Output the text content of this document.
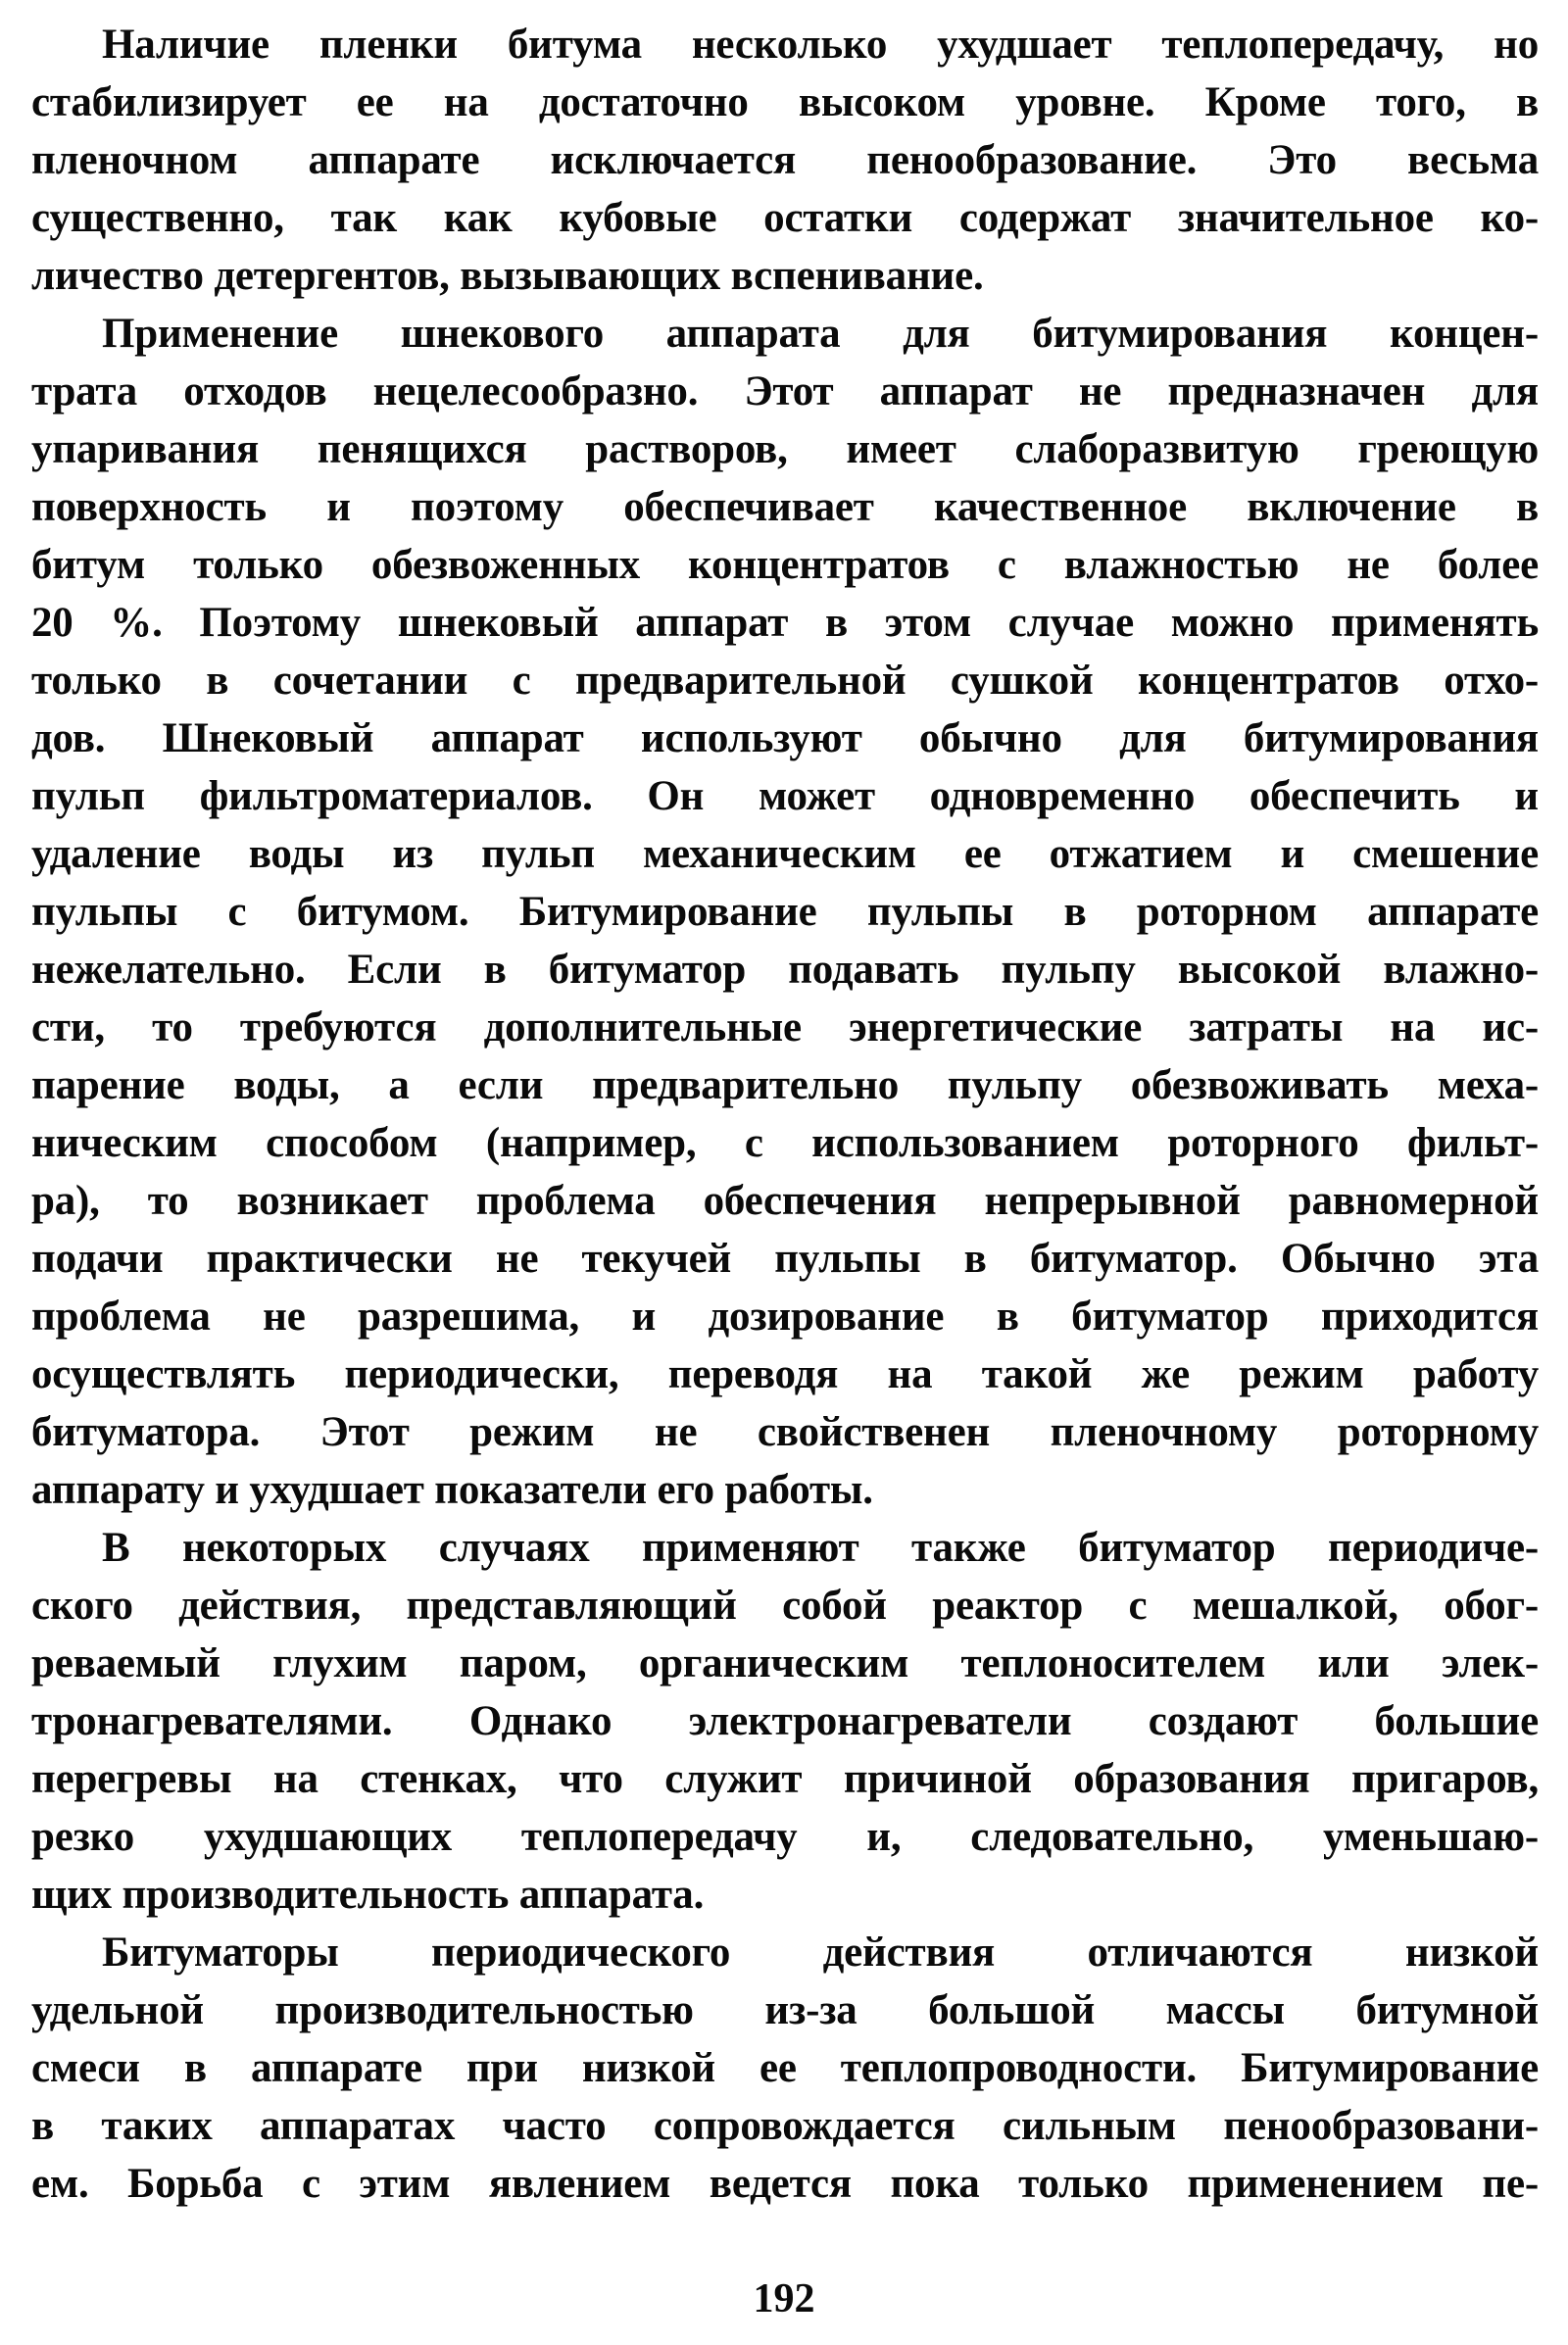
Наличие пленки битума несколько ухудшает теплопередачу, но
стабилизирует ее на достаточно высоком уровне. Кроме того, в
пленочном аппарате исключается пенообразование. Это весьма
существенно, так как кубовые остатки содержат значительное ко-
личество детергентов, вызывающих вспенивание.
Применение шнекового аппарата для битумирования концен-
трата отходов нецелесообразно. Этот аппарат не предназначен для
упаривания пенящихся растворов, имеет слаборазвитую греющую
поверхность и поэтому обеспечивает качественное включение в
битум только обезвоженных концентратов с влажностью не более
20 %. Поэтому шнековый аппарат в этом случае можно применять
только в сочетании с предварительной сушкой концентратов отхо-
дов. Шнековый аппарат используют обычно для битумирования
пульп фильтроматериалов. Он может одновременно обеспечить и
удаление воды из пульп механическим ее отжатием и смешение
пульпы с битумом. Битумирование пульпы в роторном аппарате
нежелательно. Если в битуматор подавать пульпу высокой влажно-
сти, то требуются дополнительные энергетические затраты на ис-
парение воды, а если предварительно пульпу обезвоживать меха-
ническим способом (например, с использованием роторного фильт-
ра), то возникает проблема обеспечения непрерывной равномерной
подачи практически не текучей пульпы в битуматор. Обычно эта
проблема не разрешима, и дозирование в битуматор приходится
осуществлять периодически, переводя на такой же режим работу
битуматора. Этот режим не свойственен пленочному роторному
аппарату и ухудшает показатели его работы.
В некоторых случаях применяют также битуматор периодиче-
ского действия, представляющий собой реактор с мешалкой, обог-
реваемый глухим паром, органическим теплоносителем или элек-
тронагревателями. Однако электронагреватели создают большие
перегревы на стенках, что служит причиной образования пригаров,
резко ухудшающих теплопередачу и, следовательно, уменьшаю-
щих производительность аппарата.
Битуматоры периодического действия отличаются низкой
удельной производительностью из-за большой массы битумной
смеси в аппарате при низкой ее теплопроводности. Битумирование
в таких аппаратах часто сопровождается сильным пенообразовани-
ем. Борьба с этим явлением ведется пока только применением пе-
192
